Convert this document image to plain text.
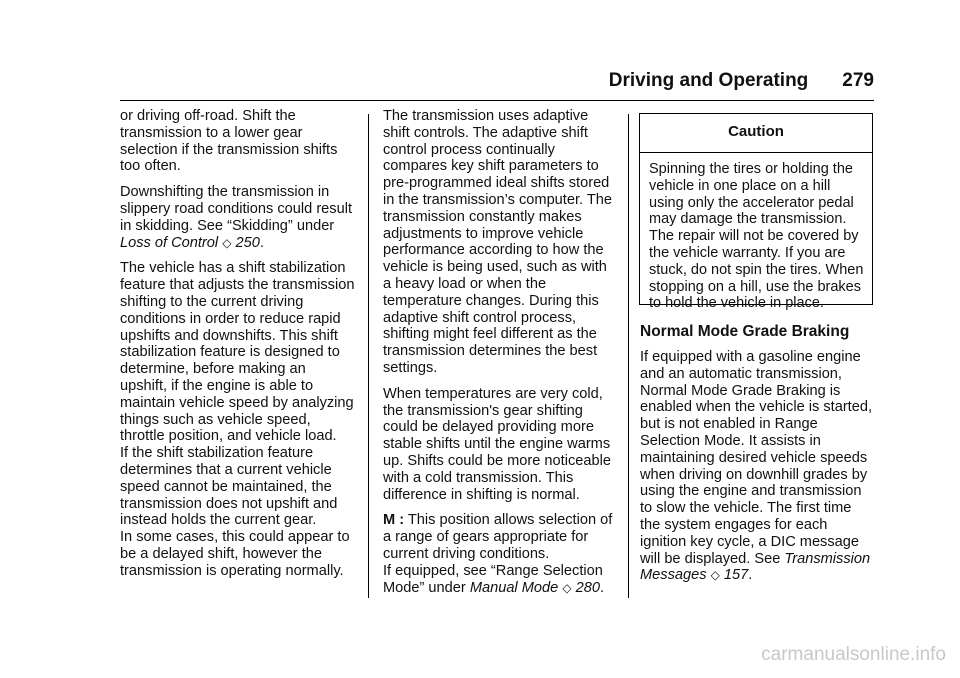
Driving and Operating 279

or driving off-road. Shift the
transmission to a lower gear
selection if the transmission shifts
too often.

Downshifting the transmission in
slippery road conditions could result
in skidding. See “Skidding” under
Loss of Control ◇ 250.

The vehicle has a shift stabilization
feature that adjusts the transmission
shifting to the current driving
conditions in order to reduce rapid
upshifts and downshifts. This shift
stabilization feature is designed to
determine, before making an
upshift, if the engine is able to
maintain vehicle speed by analyzing
things such as vehicle speed,
throttle position, and vehicle load.
If the shift stabilization feature
determines that a current vehicle
speed cannot be maintained, the
transmission does not upshift and
instead holds the current gear.
In some cases, this could appear to
be a delayed shift, however the
transmission is operating normally.

The transmission uses adaptive
shift controls. The adaptive shift
control process continually
compares key shift parameters to
pre-programmed ideal shifts stored
in the transmission’s computer. The
transmission constantly makes
adjustments to improve vehicle
performance according to how the
vehicle is being used, such as with
a heavy load or when the
temperature changes. During this
adaptive shift control process,
shifting might feel different as the
transmission determines the best
settings.

When temperatures are very cold,
the transmission's gear shifting
could be delayed providing more
stable shifts until the engine warms
up. Shifts could be more noticeable
with a cold transmission. This
difference in shifting is normal.

M : This position allows selection of
a range of gears appropriate for
current driving conditions.

If equipped, see “Range Selection
Mode” under Manual Mode ◇ 280.

Caution
Spinning the tires or holding the
vehicle in one place on a hill
using only the accelerator pedal
may damage the transmission.
The repair will not be covered by
the vehicle warranty. If you are
stuck, do not spin the tires. When
stopping on a hill, use the brakes
to hold the vehicle in place.
Normal Mode Grade Braking
If equipped with a gasoline engine
and an automatic transmission,
Normal Mode Grade Braking is
enabled when the vehicle is started,
but is not enabled in Range
Selection Mode. It assists in
maintaining desired vehicle speeds
when driving on downhill grades by
using the engine and transmission
to slow the vehicle. The first time
the system engages for each
ignition key cycle, a DIC message
will be displayed. See Transmission
Messages ◇ 157.
carmanualsonline.info
